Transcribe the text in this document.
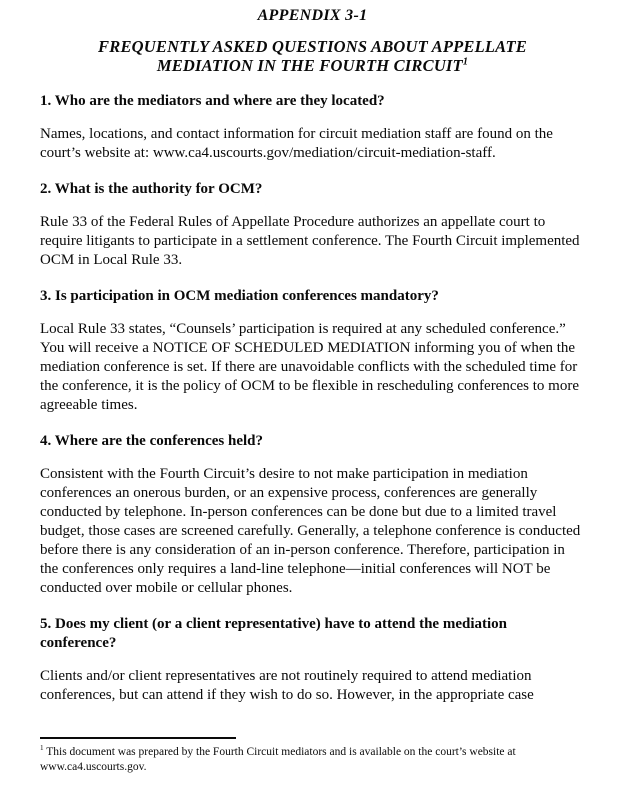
APPENDIX 3-1
FREQUENTLY ASKED QUESTIONS ABOUT APPELLATE
MEDIATION IN THE FOURTH CIRCUIT$^1$
1. Who are the mediators and where are they located?
Names, locations, and contact information for circuit mediation staff are found on the court’s website at: www.ca4.uscourts.gov/mediation/circuit-mediation-staff.
2. What is the authority for OCM?
Rule 33 of the Federal Rules of Appellate Procedure authorizes an appellate court to require litigants to participate in a settlement conference. The Fourth Circuit implemented OCM in Local Rule 33.
3. Is participation in OCM mediation conferences mandatory?
Local Rule 33 states, “Counsels’ participation is required at any scheduled conference.” You will receive a NOTICE OF SCHEDULED MEDIATION informing you of when the mediation conference is set. If there are unavoidable conflicts with the scheduled time for the conference, it is the policy of OCM to be flexible in rescheduling conferences to more agreeable times.
4. Where are the conferences held?
Consistent with the Fourth Circuit’s desire to not make participation in mediation conferences an onerous burden, or an expensive process, conferences are generally conducted by telephone. In-person conferences can be done but due to a limited travel budget, those cases are screened carefully. Generally, a telephone conference is conducted before there is any consideration of an in-person conference. Therefore, participation in the conferences only requires a land-line telephone—initial conferences will NOT be conducted over mobile or cellular phones.
5. Does my client (or a client representative) have to attend the mediation conference?
Clients and/or client representatives are not routinely required to attend mediation conferences, but can attend if they wish to do so. However, in the appropriate case
$^1$ This document was prepared by the Fourth Circuit mediators and is available on the court’s website at www.ca4.uscourts.gov.
